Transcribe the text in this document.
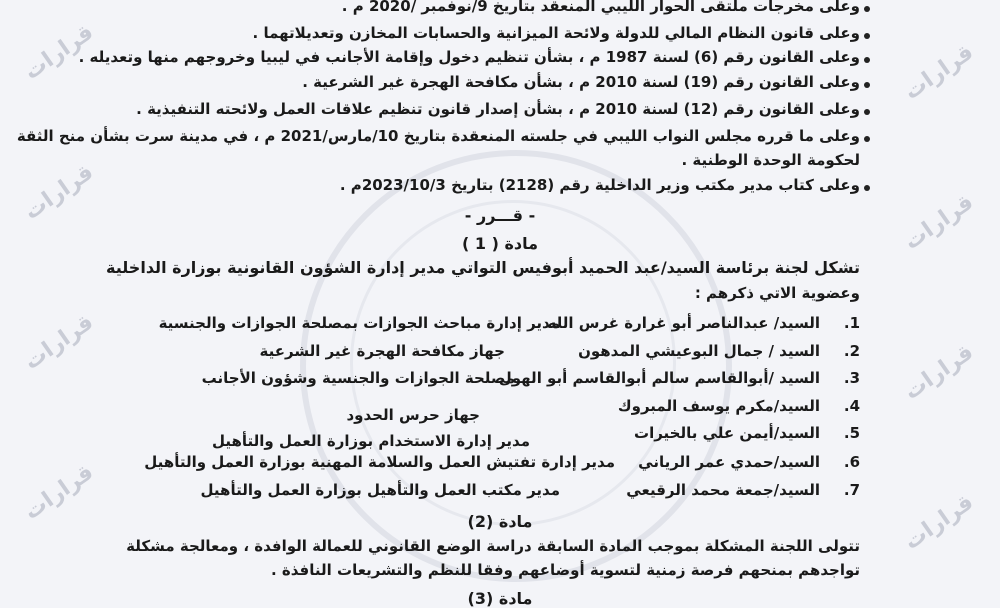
قرارات
قرارات
قرارات
قرارات
قرارات
قرارات
قرارات
قرارات
وعلى مخرجات ملتقى الحوار الليبي المنعقد بتاريخ 9/نوفمبر /2020 م .
وعلى قانون النظام المالي للدولة ولائحة الميزانية والحسابات المخازن وتعديلاتهما .
وعلى القانون رقم (6) لسنة 1987 م ، بشأن تنظيم دخول وإقامة الأجانب في ليبيا وخروجهم منها وتعديله .
وعلى القانون رقم (19) لسنة 2010 م ، بشأن مكافحة الهجرة غير الشرعية .
وعلى القانون رقم (12) لسنة 2010 م ، بشأن إصدار قانون تنظيم علاقات العمل ولائحته التنفيذية .
وعلى ما قرره مجلس النواب الليبي في جلسته المنعقدة بتاريخ 10/مارس/2021 م ، في مدينة سرت بشأن منح الثقة
لحكومة الوحدة الوطنية .
وعلى كتاب مدير مكتب وزير الداخلية رقم (2128) بتاريخ 2023/10/3م .
- قـــرر -
مادة ( 1 )
تشكل لجنة برئاسة السيد/عبد الحميد أبوفيس التواتي مدير إدارة الشؤون القانونية بوزارة الداخلية
وعضوية الاتي ذكرهم :
1.
السيد/ عبدالناصر أبو غرارة غرس الله
مدير إدارة مباحث الجوازات بمصلحة الجوازات والجنسية
2.
السيد / جمال البوعيشي المدهون
جهاز مكافحة الهجرة غير الشرعية
3.
السيد /أبوالقاسم سالم أبوالقاسم أبو الهول
مصلحة الجوازات والجنسية وشؤون الأجانب
4.
السيد/مكرم يوسف المبروك
جهاز حرس الحدود
5.
السيد/أيمن علي بالخيرات
مدير إدارة الاستخدام بوزارة العمل والتأهيل
6.
السيد/حمدي عمر الرياني
مدير إدارة تفتيش العمل والسلامة المهنية بوزارة العمل والتأهيل
7.
السيد/جمعة محمد الرقيعي
مدير مكتب العمل والتأهيل بوزارة العمل والتأهيل
مادة (2)
تتولى اللجنة المشكلة بموجب المادة السابقة دراسة الوضع القانوني للعمالة الوافدة ، ومعالجة مشكلة
تواجدهم بمنحهم فرصة زمنية لتسوية أوضاعهم وفقا للنظم والتشريعات النافذة .
مادة (3)
